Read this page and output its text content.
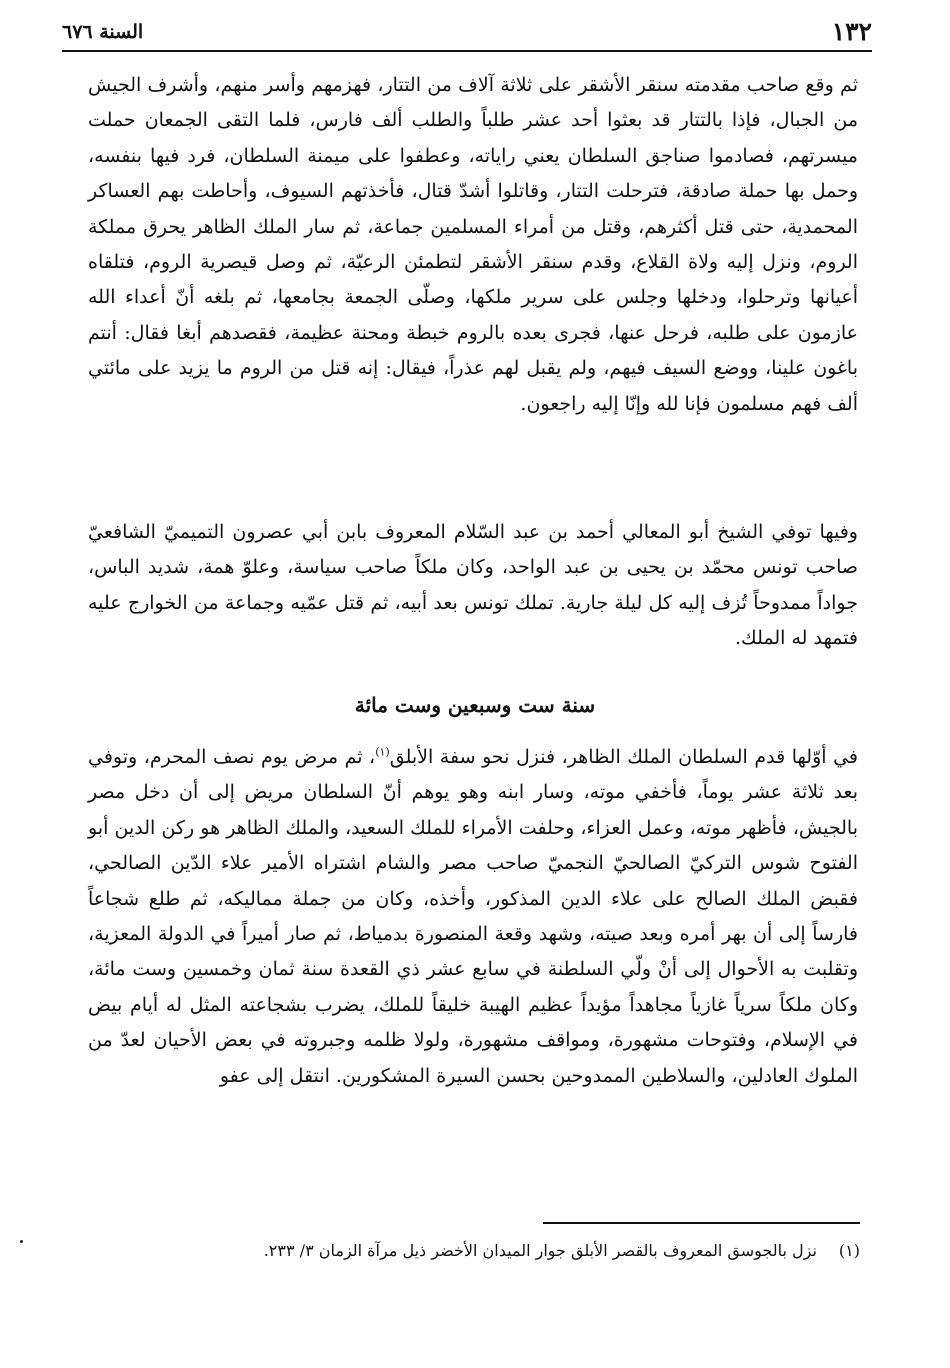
١٣٢
السنة ٦٧٦

ثم وقع صاحب مقدمته سنقر الأشقر على ثلاثة آلاف من التتار، فهزمهم وأسر منهم، وأشرف الجيش من الجبال، فإذا بالتتار قد بعثوا أحد عشر طلباً والطلب ألف فارس، فلما التقى الجمعان حملت ميسرتهم، فصادموا صناجق السلطان يعني راياته، وعطفوا على ميمنة السلطان، فرد فيها بنفسه، وحمل بها حملة صادقة، فترحلت التتار، وقاتلوا أشدّ قتال، فأخذتهم السيوف، وأحاطت بهم العساكر المحمدية، حتى قتل أكثرهم، وقتل من أمراء المسلمين جماعة، ثم سار الملك الظاهر يحرق مملكة الروم، ونزل إليه ولاة القلاع، وقدم سنقر الأشقر لتطمئن الرعيّة، ثم وصل قيصرية الروم، فتلقاه أعيانها وترحلوا، ودخلها وجلس على سرير ملكها، وصلّى الجمعة بجامعها، ثم بلغه أنّ أعداء الله عازمون على طلبه، فرحل عنها، فجرى بعده بالروم خبطة ومحنة عظيمة، فقصدهم أبغا فقال: أنتم باغون علينا، ووضع السيف فيهم، ولم يقبل لهم عذراً، فيقال: إنه قتل من الروم ما يزيد على مائتي ألف فهم مسلمون فإنا لله وإنّا إليه راجعون.

وفيها توفي الشيخ أبو المعالي أحمد بن عبد السّلام المعروف بابن أبي عصرون التميميّ الشافعيّ صاحب تونس محمّد بن يحيى بن عبد الواحد، وكان ملكاً صاحب سياسة، وعلوّ همة، شديد الباس، جواداً ممدوحاً تُزف إليه كل ليلة جارية. تملك تونس بعد أبيه، ثم قتل عمّيه وجماعة من الخوارج عليه فتمهد له الملك.

سنة ست وسبعين وست مائة

في أوّلها قدم السلطان الملك الظاهر، فنزل نحو سفة الأبلق$^{(١)}$، ثم مرض يوم نصف المحرم، وتوفي بعد ثلاثة عشر يوماً، فأخفي موته، وسار ابنه وهو يوهم أنّ السلطان مريض إلى أن دخل مصر بالجيش، فأظهر موته، وعمل العزاء، وحلفت الأمراء للملك السعيد، والملك الظاهر هو ركن الدين أبو الفتوح شوس التركيّ الصالحيّ النجميّ صاحب مصر والشام اشتراه الأمير علاء الدّين الصالحي، فقبض الملك الصالح على علاء الدين المذكور، وأخذه، وكان من جملة مماليكه، ثم طلع شجاعاً فارساً إلى أن بهر أمره وبعد صيته، وشهد وقعة المنصورة بدمياط، ثم صار أميراً في الدولة المعزية، وتقلبت به الأحوال إلى أنْ ولّي السلطنة في سابع عشر ذي القعدة سنة ثمان وخمسين وست مائة، وكان ملكاً سرياً غازياً مجاهداً مؤيداً عظيم الهيبة خليقاً للملك، يضرب بشجاعته المثل له أيام بيض في الإسلام، وفتوحات مشهورة، ومواقف مشهورة، ولولا ظلمه وجبروته في بعض الأحيان لعدّ من الملوك العادلين، والسلاطين الممدوحين بحسن السيرة المشكورين. انتقل إلى عفو

(١)نزل بالجوسق المعروف بالقصر الأبلق جوار الميدان الأخضر ذيل مرآة الزمان ٣/ ٢٣٣.
